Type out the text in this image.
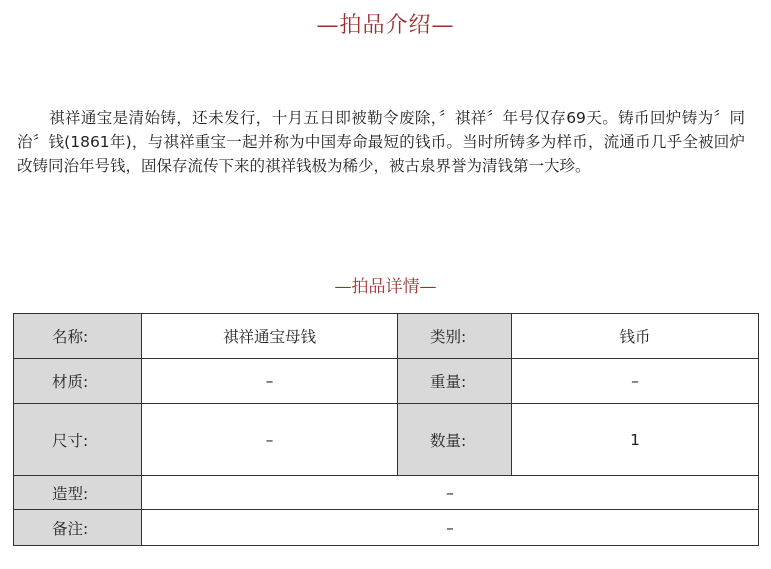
—拍品介绍—
祺祥通宝是清始铸，还未发行，十月五日即被勒令废除，〞祺祥〞年号仅存69天。铸币回炉铸为〞同治〞钱(1861年)，与祺祥重宝一起并称为中国寿命最短的钱币。当时所铸多为样币，流通币几乎全被回炉改铸同治年号钱，固保存流传下来的祺祥钱极为稀少，被古泉界誉为清钱第一大珍。
—拍品详情—
名称:	祺祥通宝母钱	类别:	钱币
材质:	–	重量:	–
尺寸:	–	数量:	1
造型:	–		
备注:	–		
